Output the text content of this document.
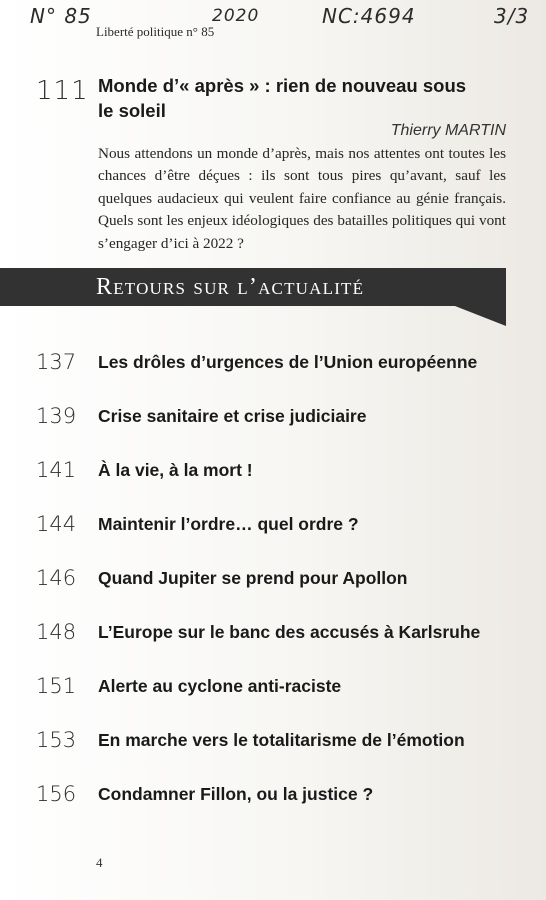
N° 85	2020	NC:4694	3/3
Liberté politique n° 85
111 Monde d’« après » : rien de nouveau sous le soleil
Thierry MARTIN
Nous attendons un monde d’après, mais nos attentes ont toutes les chances d’être déçues : ils sont tous pires qu’avant, sauf les quelques audacieux qui veulent faire confiance au génie français. Quels sont les enjeux idéologiques des batailles politiques qui vont s’engager d’ici à 2022 ?
Retours sur l’actualité
137	Les drôles d’urgences de l’Union européenne
139	Crise sanitaire et crise judiciaire
141	À la vie, à la mort !
144	Maintenir l’ordre… quel ordre ?
146	Quand Jupiter se prend pour Apollon
148	L’Europe sur le banc des accusés à Karlsruhe
151	Alerte au cyclone anti-raciste
153	En marche vers le totalitarisme de l’émotion
156	Condamner Fillon, ou la justice ?
4
